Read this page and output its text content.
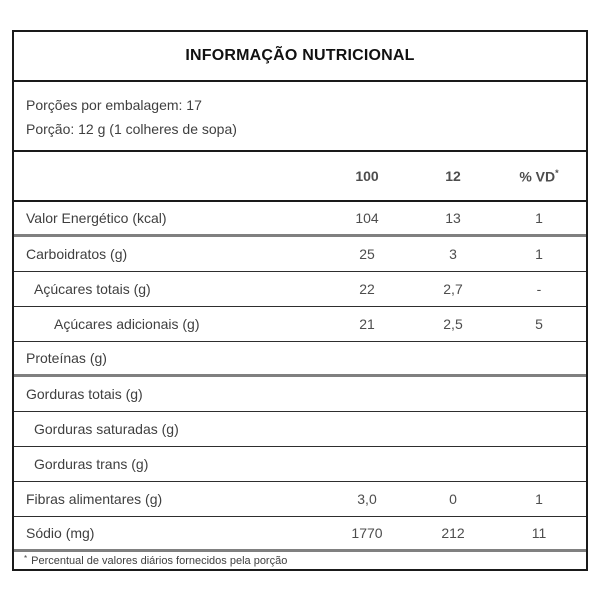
INFORMAÇÃO NUTRICIONAL
Porções por embalagem: 17
Porção: 12 g (1 colheres de sopa)
100	12	% VD*
Valor Energético (kcal)	104	13	1
Carboidratos (g)	25	3	1
Açúcares totais (g)	22	2,7	-
Açúcares adicionais (g)	21	2,5	5
Proteínas (g)
Gorduras totais (g)
Gorduras saturadas (g)
Gorduras trans (g)
Fibras alimentares (g)	3,0	0	1
Sódio (mg)	1770	212	11
* Percentual de valores diários fornecidos pela porção
